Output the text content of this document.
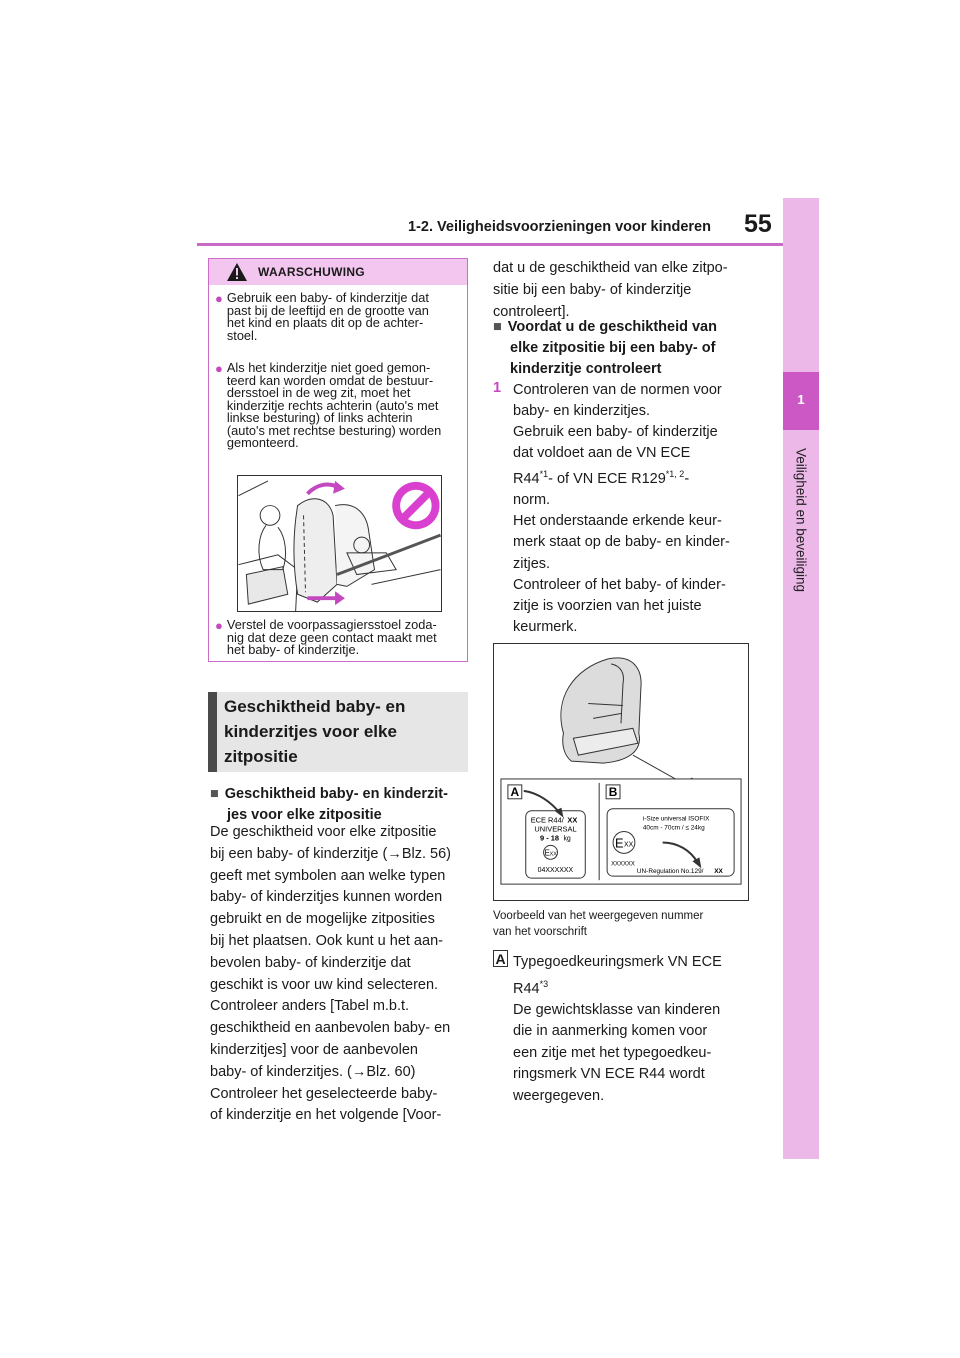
1-2. Veiligheidsvoorzieningen voor kinderen 55
1
Veiligheid en beveiliging
WAARSCHUWING
● Gebruik een baby- of kinderzitje dat
past bij de leeftijd en de grootte van
het kind en plaats dit op de achter-
stoel.
● Als het kinderzitje niet goed gemon-
teerd kan worden omdat de bestuur-
dersstoel in de weg zit, moet het
kinderzitje rechts achterin (auto's met
linkse besturing) of links achterin
(auto's met rechtse besturing) worden
gemonteerd.
● Verstel de voorpassagiersstoel zoda-
nig dat deze geen contact maakt met
het baby- of kinderzitje.
Geschiktheid baby- en
kinderzitjes voor elke
zitpositie
■ Geschiktheid baby- en kinderzit-
jes voor elke zitpositie
De geschiktheid voor elke zitpositie
bij een baby- of kinderzitje (→Blz. 56)
geeft met symbolen aan welke typen
baby- of kinderzitjes kunnen worden
gebruikt en de mogelijke zitposities
bij het plaatsen. Ook kunt u het aan-
bevolen baby- of kinderzitje dat
geschikt is voor uw kind selecteren.
Controleer anders [Tabel m.b.t.
geschiktheid en aanbevolen baby- en
kinderzitjes] voor de aanbevolen
baby- of kinderzitjes. (→Blz. 60)
Controleer het geselecteerde baby-
of kinderzitje en het volgende [Voor-
dat u de geschiktheid van elke zitpo-
sitie bij een baby- of kinderzitje
controleert].
■ Voordat u de geschiktheid van
elke zitpositie bij een baby- of
kinderzitje controleert
1 Controleren van de normen voor
baby- en kinderzitjes.
Gebruik een baby- of kinderzitje
dat voldoet aan de VN ECE
R44$^{*1}$- of VN ECE R129$^{*1, 2}$-
norm.
Het onderstaande erkende keur-
merk staat op de baby- en kinder-
zitjes.
Controleer of het baby- of kinder-
zitje is voorzien van het juiste
keurmerk.
A	B
ECE R44/ XX
UNIVERSAL
9 - 18 kg
E XX
04XXXXXX
i-Size universal ISOFIX
40cm - 70cm / ≤ 24kg
E XX
XXXXXX
UN-Regulation No.129/ XX
Voorbeeld van het weergegeven nummer
van het voorschrift
A Typegoedkeuringsmerk VN ECE
R44$^{*3}$
De gewichtsklasse van kinderen
die in aanmerking komen voor
een zitje met het typegoedkeu-
ringsmerk VN ECE R44 wordt
weergegeven.
